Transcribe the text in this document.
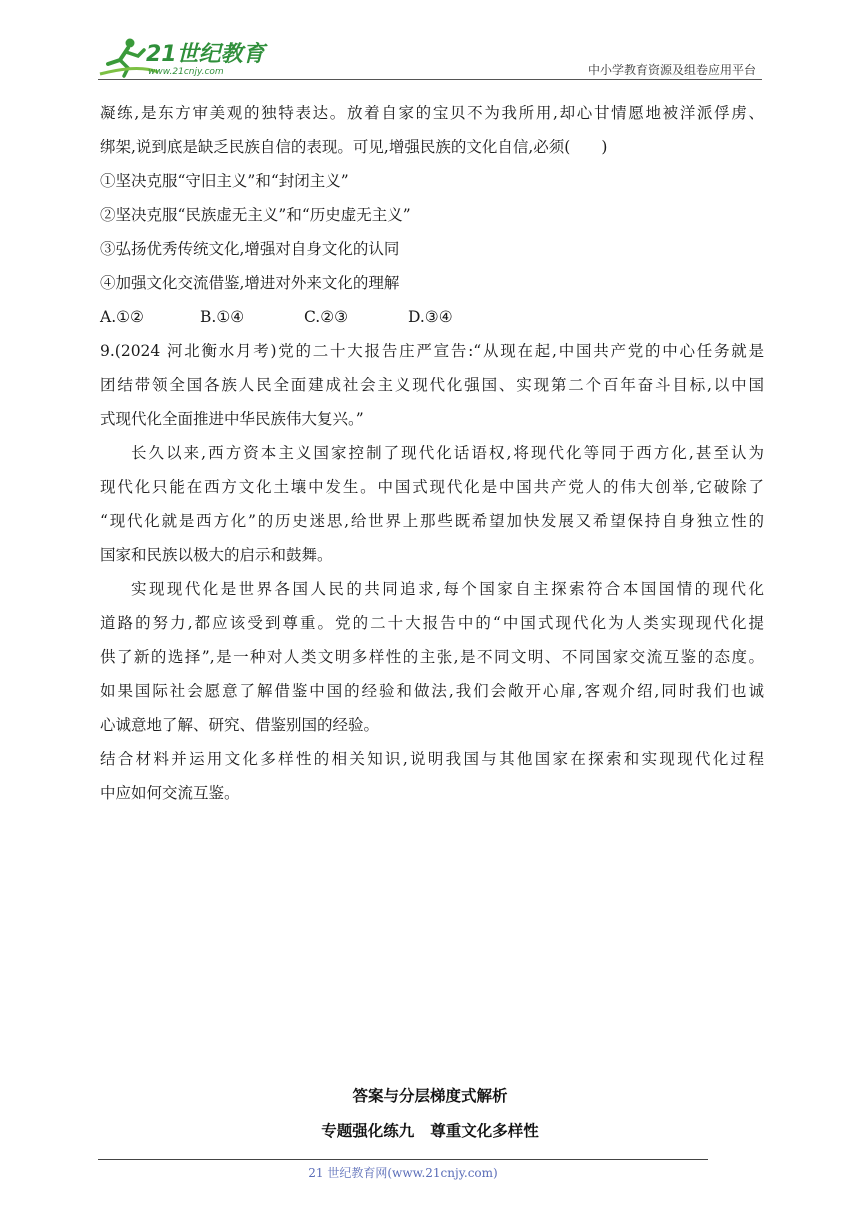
21世纪教育
www.21cnjy.com	中小学教育资源及组卷应用平台

凝练,是东方审美观的独特表达。放着自家的宝贝不为我所用,却心甘情愿地被洋派俘虏、

绑架,说到底是缺乏民族自信的表现。可见,增强民族的文化自信,必须(　　)

①坚决克服“守旧主义”和“封闭主义”

②坚决克服“民族虚无主义”和“历史虚无主义”

③弘扬优秀传统文化,增强对自身文化的认同

④加强文化交流借鉴,增进对外来文化的理解

A.①②	B.①④	C.②③	D.③④

9.(2024 河北衡水月考)党的二十大报告庄严宣告:“从现在起,中国共产党的中心任务就是

团结带领全国各族人民全面建成社会主义现代化强国、实现第二个百年奋斗目标,以中国

式现代化全面推进中华民族伟大复兴。”

长久以来,西方资本主义国家控制了现代化话语权,将现代化等同于西方化,甚至认为

现代化只能在西方文化土壤中发生。中国式现代化是中国共产党人的伟大创举,它破除了

“现代化就是西方化”的历史迷思,给世界上那些既希望加快发展又希望保持自身独立性的

国家和民族以极大的启示和鼓舞。

实现现代化是世界各国人民的共同追求,每个国家自主探索符合本国国情的现代化

道路的努力,都应该受到尊重。党的二十大报告中的“中国式现代化为人类实现现代化提

供了新的选择”,是一种对人类文明多样性的主张,是不同文明、不同国家交流互鉴的态度。

如果国际社会愿意了解借鉴中国的经验和做法,我们会敞开心扉,客观介绍,同时我们也诚

心诚意地了解、研究、借鉴别国的经验。

结合材料并运用文化多样性的相关知识,说明我国与其他国家在探索和实现现代化过程

中应如何交流互鉴。

答案与分层梯度式解析
专题强化练九 尊重文化多样性
21 世纪教育网(www.21cnjy.com)
